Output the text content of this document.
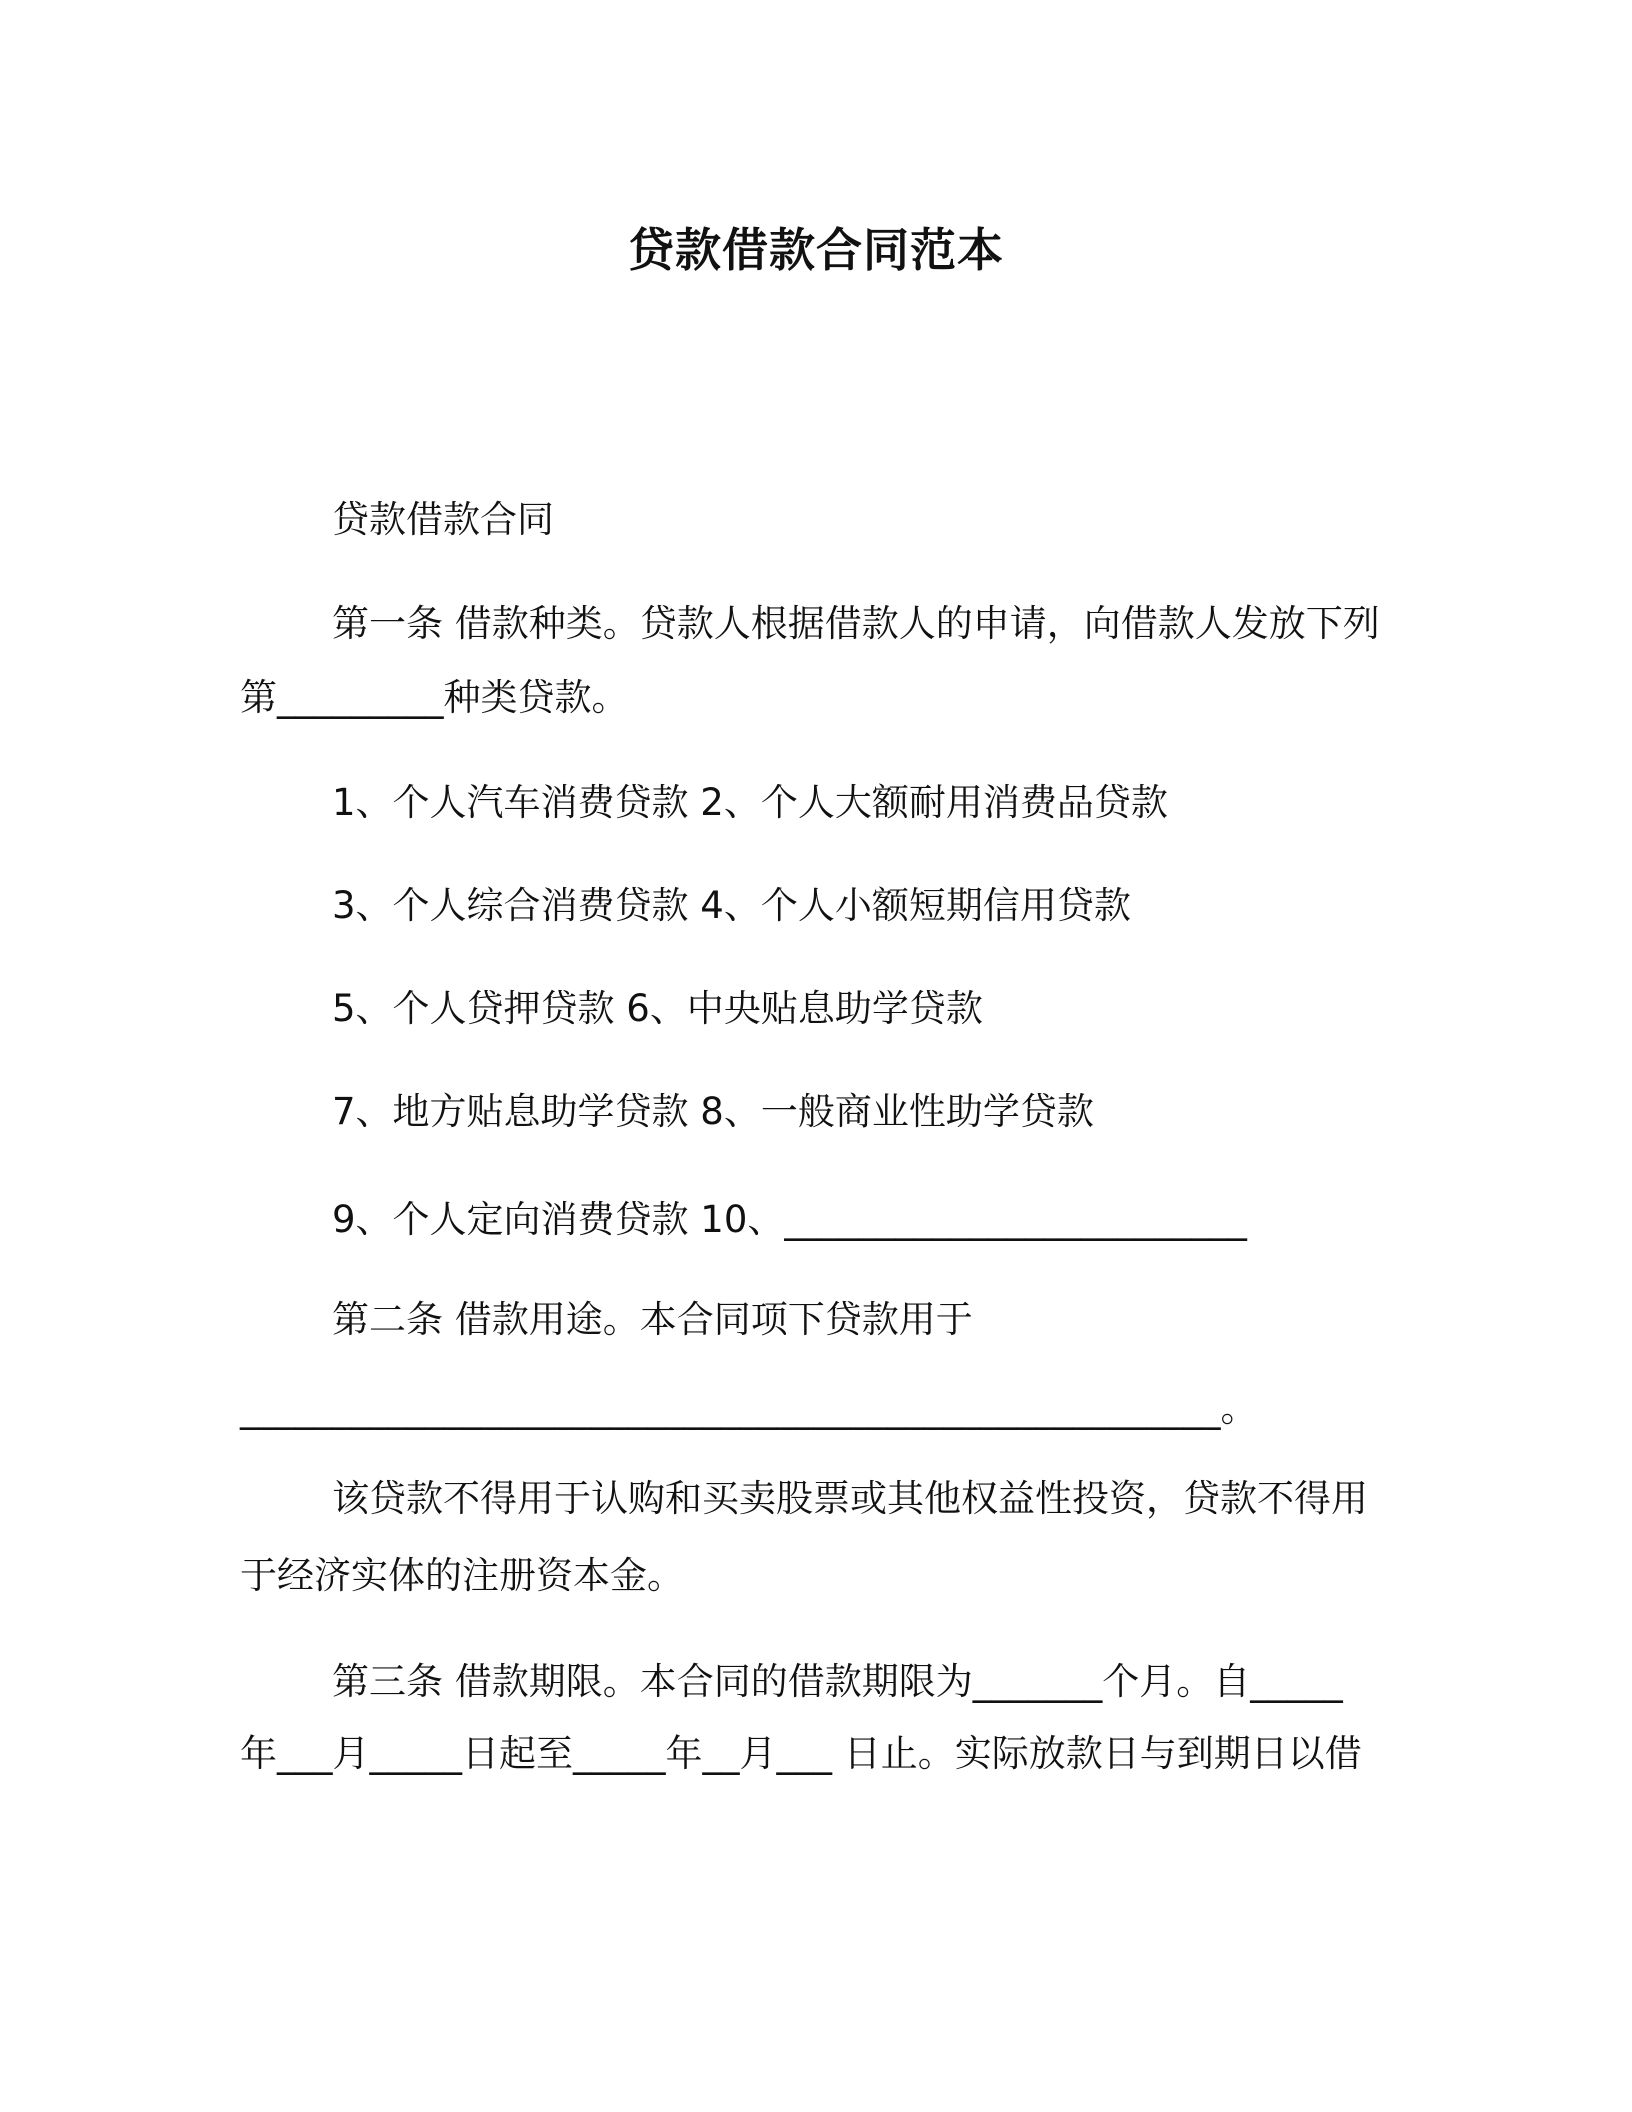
贷款借款合同范本
贷款借款合同
第一条 借款种类。贷款人根据借款人的申请，向借款人发放下列
第_________种类贷款。
1、个人汽车消费贷款 2、个人大额耐用消费品贷款
3、个人综合消费贷款 4、个人小额短期信用贷款
5、个人贷押贷款 6、中央贴息助学贷款
7、地方贴息助学贷款 8、一般商业性助学贷款
9、个人定向消费贷款 10、_________________________
第二条 借款用途。本合同项下贷款用于
_____________________________________________________。
该贷款不得用于认购和买卖股票或其他权益性投资，贷款不得用
于经济实体的注册资本金。
第三条 借款期限。本合同的借款期限为_______个月。自_____
年___月_____日起至_____年__月___ 日止。实际放款日与到期日以借
